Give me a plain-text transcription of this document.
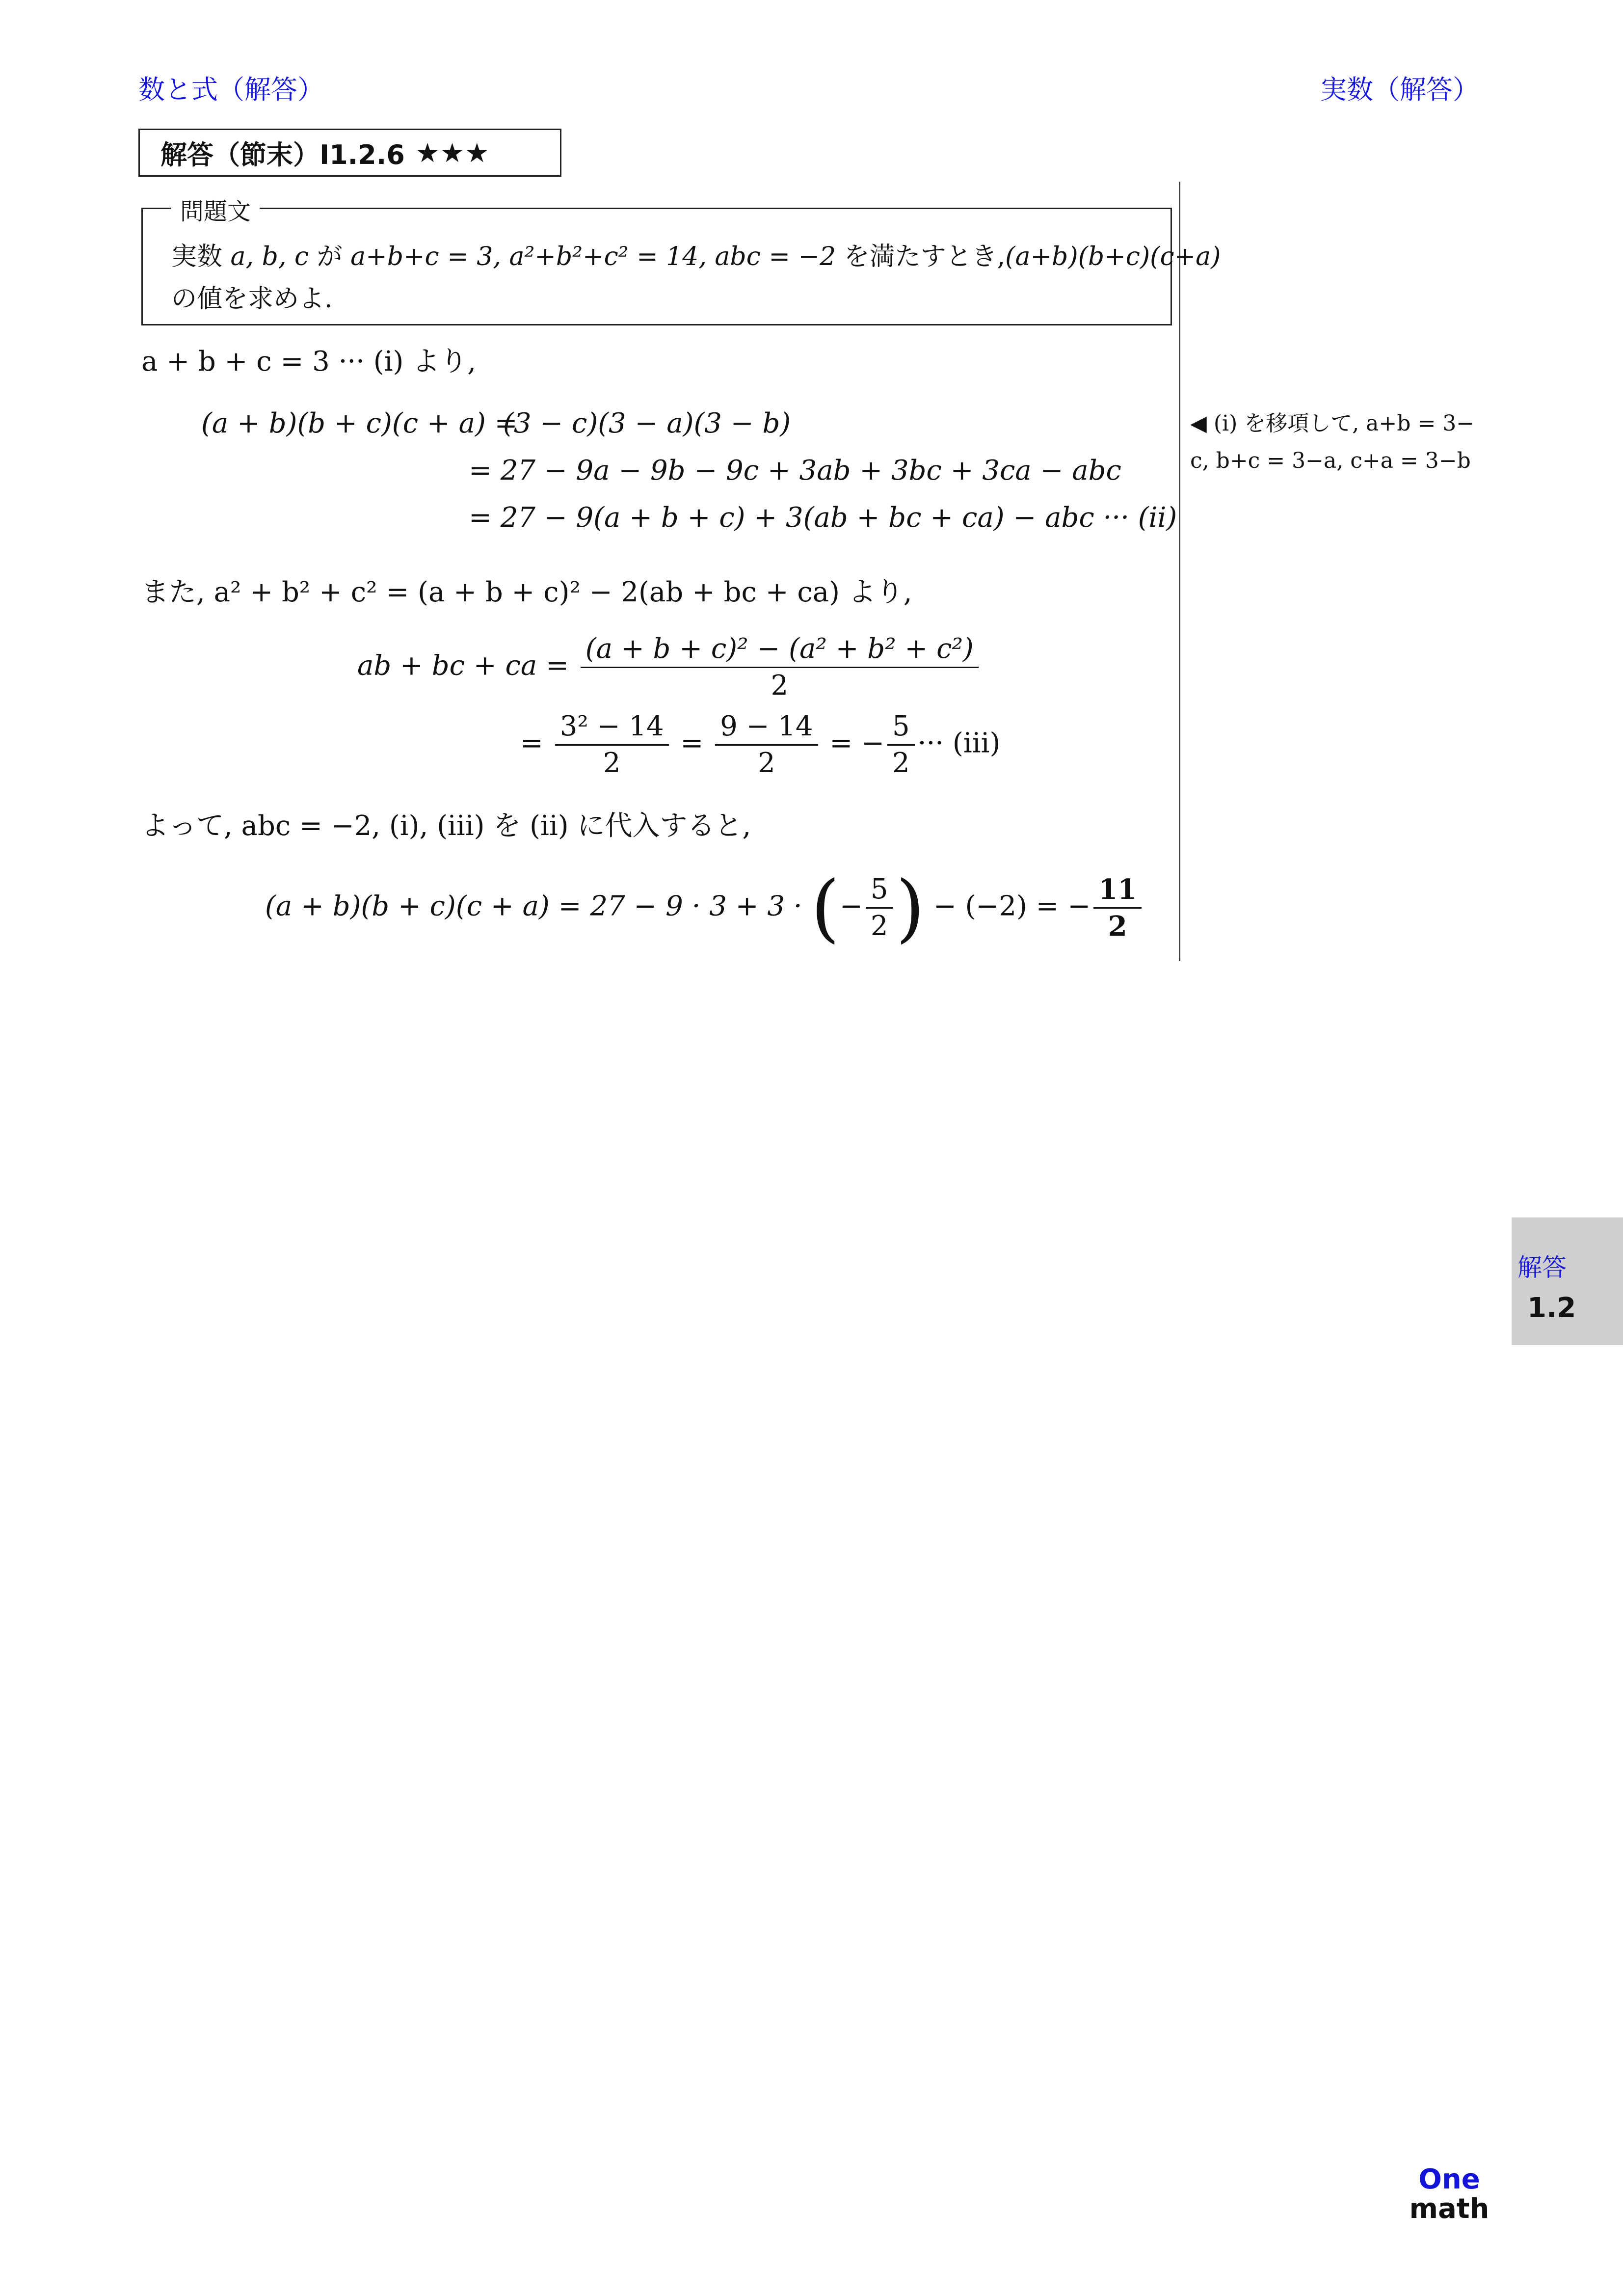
数と式（解答）	実数（解答）
解答（節末）I1.2.6 ★★★
問題文
実数 a, b, c が a+b+c = 3, a²+b²+c² = 14, abc = −2 を満たすとき,(a+b)(b+c)(c+a)
の値を求めよ.
a + b + c = 3 ··· (i) より,
(a + b)(b + c)(c + a) =
(3 − c)(3 − a)(3 − b)
= 27 − 9a − 9b − 9c + 3ab + 3bc + 3ca − abc
= 27 − 9(a + b + c) + 3(ab + bc + ca) − abc ··· (ii)
また, a² + b² + c² = (a + b + c)² − 2(ab + bc + ca) より,
ab + bc + ca = $\frac{\text{(a + b + c)² − (a² + b² + c²)}}{2}$
= $\frac{\text{3² − 14}}{2} = \frac{9 - 14}{2}$ = − $\frac{5}{2}$ ··· (iii)
よって, abc = −2, (i), (iii) を (ii) に代入すると,
(a + b)(b + c)(c + a) = 27 − 9 · 3 + 3 · (− $\frac{5}{2}$ ) − (−2) = − $\frac{11}{2}$
◀ (i) を移項して, a+b = 3−
c, b+c = 3−a, c+a = 3−b
解答
1.2
One
math
